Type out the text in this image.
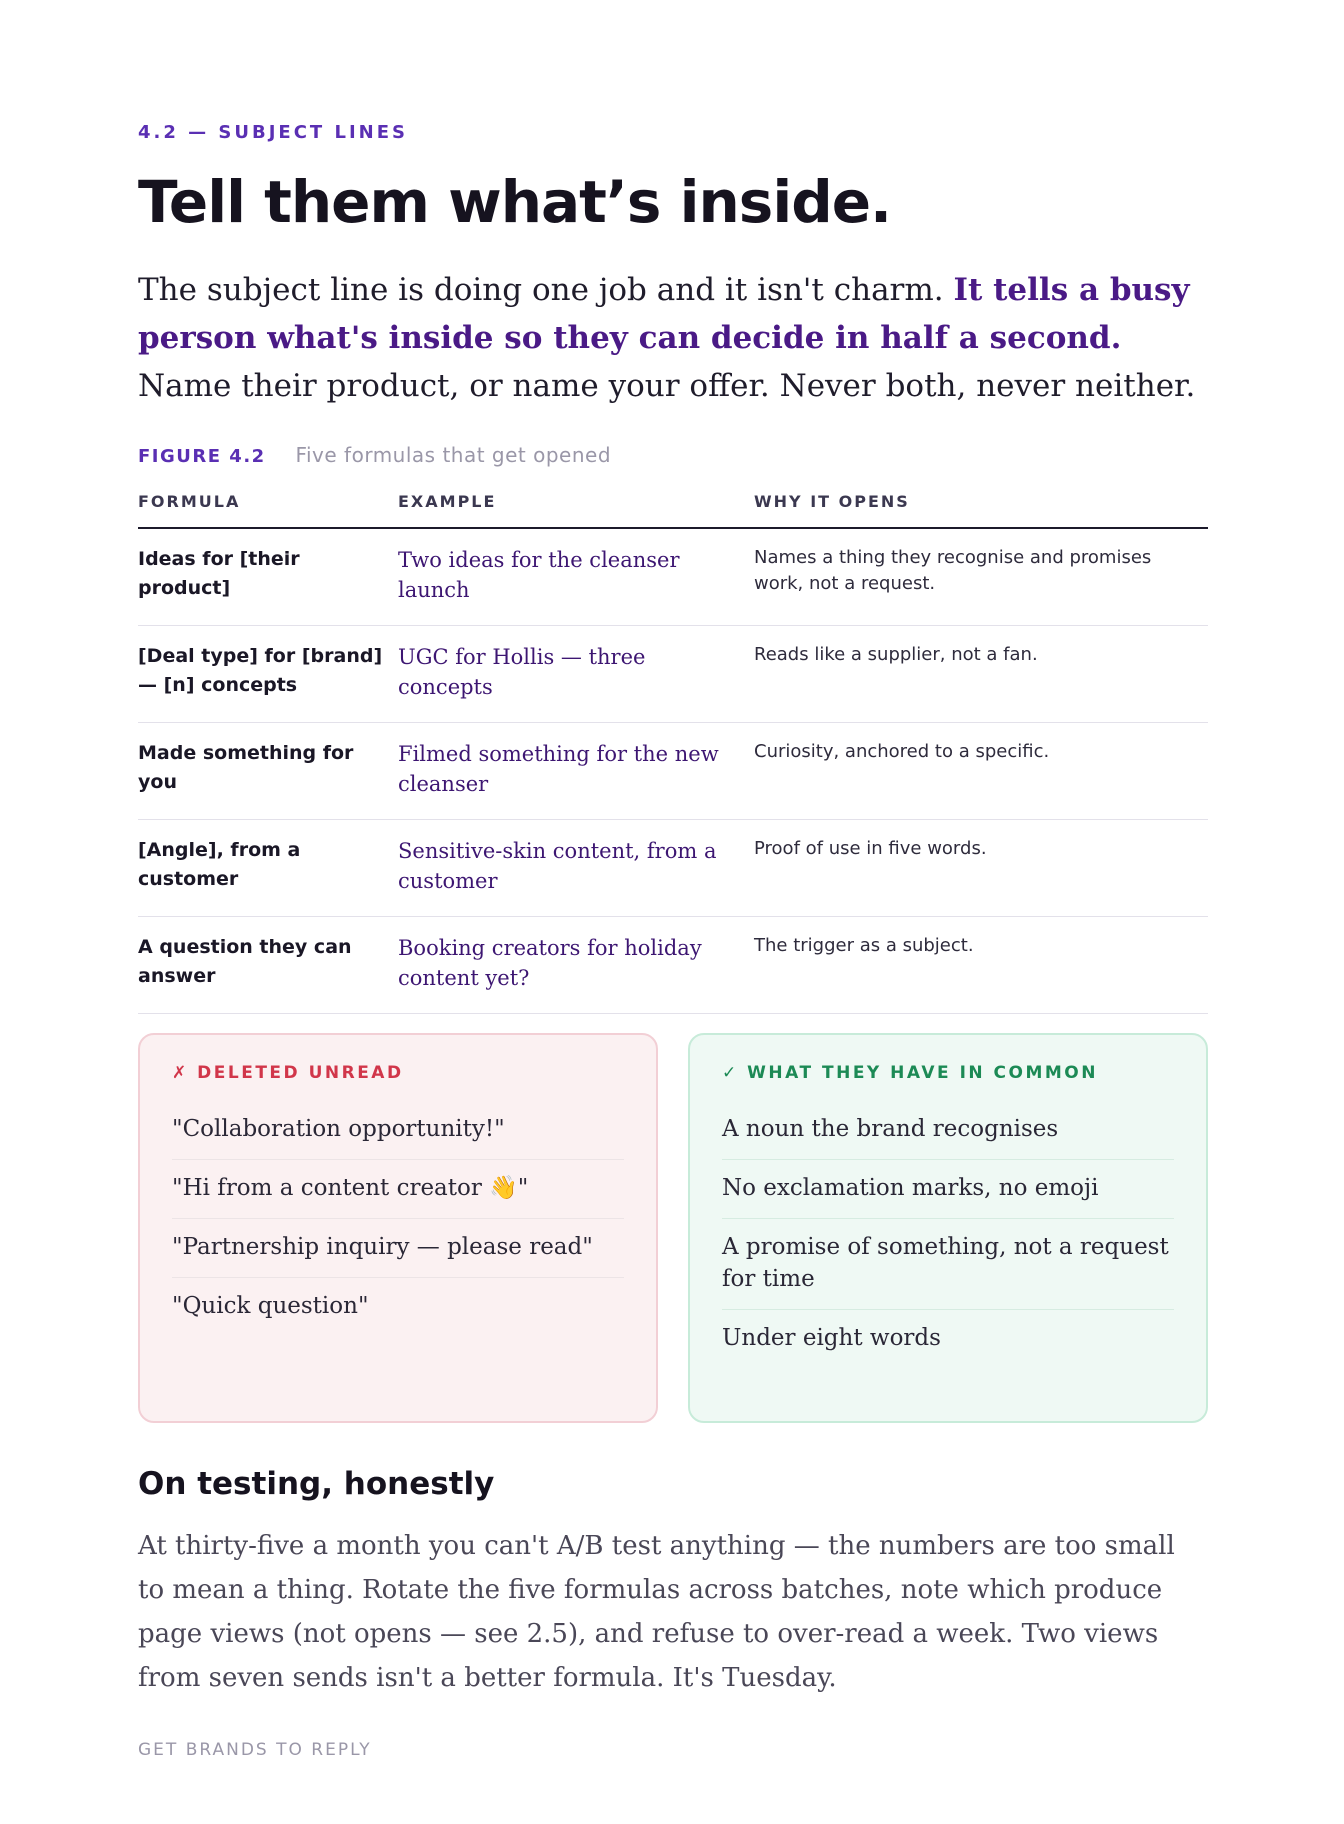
4.2 — SUBJECT LINES
Tell them what’s inside.

The subject line is doing one job and it isn't charm. It tells a busy person what's inside so they can decide in half a second. Name their product, or name your offer. Never both, never neither.

FIGURE 4.2 Five formulas that get opened
FORMULA	EXAMPLE	WHY IT OPENS
Ideas for [their product]	Two ideas for the cleanser launch	Names a thing they recognise and promises work, not a request.
[Deal type] for [brand] — [n] concepts	UGC for Hollis — three concepts	Reads like a supplier, not a fan.
Made something for you	Filmed something for the new cleanser	Curiosity, anchored to a specific.
[Angle], from a customer	Sensitive-skin content, from a customer	Proof of use in five words.
A question they can answer	Booking creators for holiday content yet?	The trigger as a subject.
✗ DELETED UNREAD
"Collaboration opportunity!"
"Hi from a content creator 👋"
"Partnership inquiry — please read"
"Quick question"
✓ WHAT THEY HAVE IN COMMON
A noun the brand recognises
No exclamation marks, no emoji
A promise of something, not a request for time
Under eight words
On testing, honestly

At thirty-five a month you can't A/B test anything — the numbers are too small to mean a thing. Rotate the five formulas across batches, note which produce page views (not opens — see 2.5), and refuse to over-read a week. Two views from seven sends isn't a better formula. It's Tuesday.

GET BRANDS TO REPLY
